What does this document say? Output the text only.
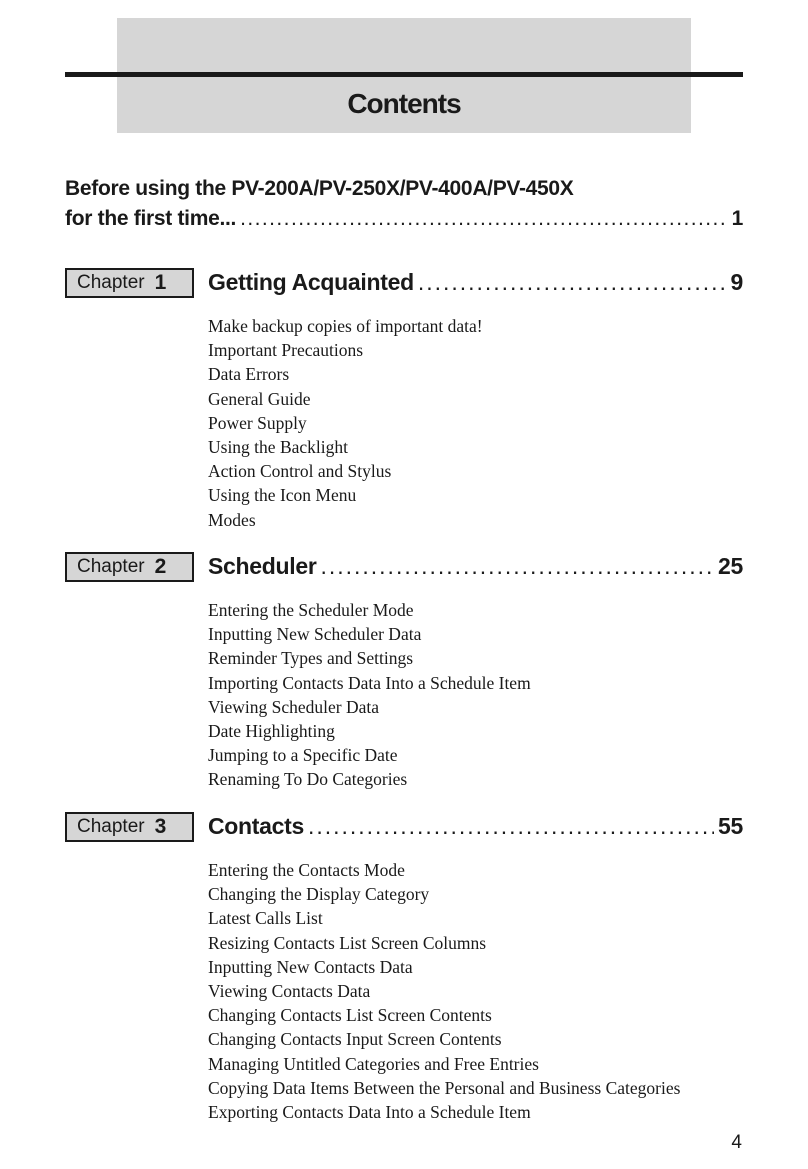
Contents
Before using the PV-200A/PV-250X/PV-400A/PV-450X
for the first time... . . .	1
Chapter 1 Getting Acquainted . . .	9
Make backup copies of important data!
Important Precautions
Data Errors
General Guide
Power Supply
Using the Backlight
Action Control and Stylus
Using the Icon Menu
Modes
Chapter 2 Scheduler . . .	25
Entering the Scheduler Mode
Inputting New Scheduler Data
Reminder Types and Settings
Importing Contacts Data Into a Schedule Item
Viewing Scheduler Data
Date Highlighting
Jumping to a Specific Date
Renaming To Do Categories
Chapter 3 Contacts . . .	55
Entering the Contacts Mode
Changing the Display Category
Latest Calls List
Resizing Contacts List Screen Columns
Inputting New Contacts Data
Viewing Contacts Data
Changing Contacts List Screen Contents
Changing Contacts Input Screen Contents
Managing Untitled Categories and Free Entries
Copying Data Items Between the Personal and Business Categories
Exporting Contacts Data Into a Schedule Item
4
